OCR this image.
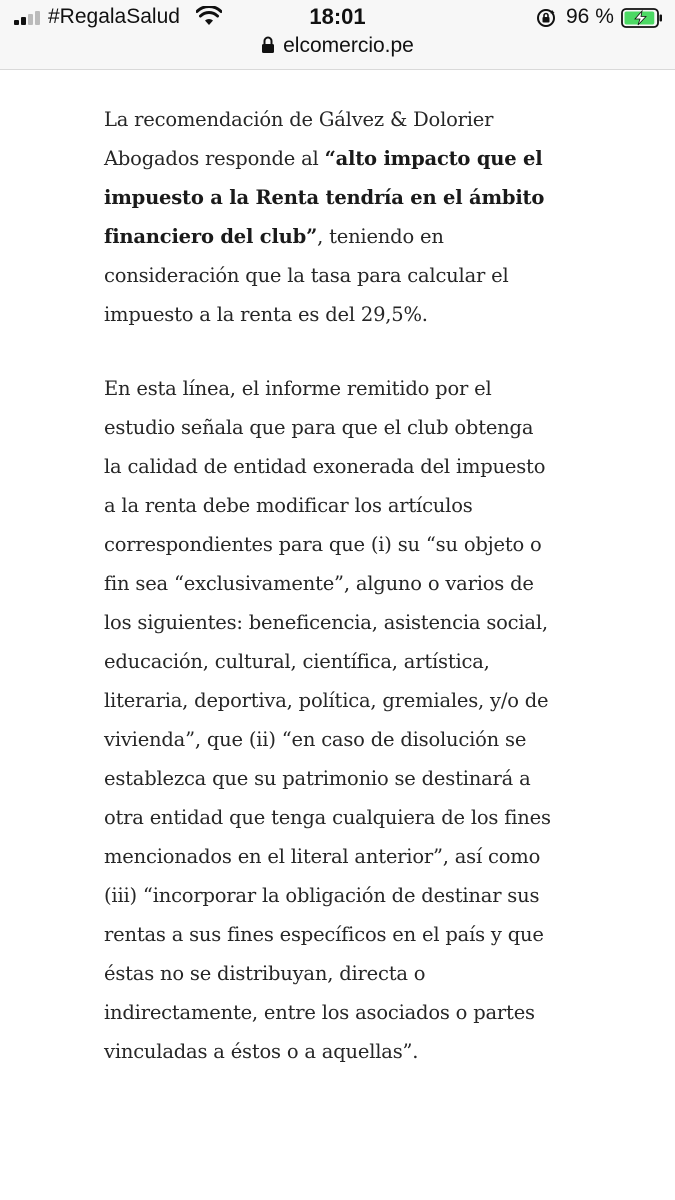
#RegalaSalud	18:01	96 %
elcomercio.pe

La recomendación de Gálvez & Dolorier Abogados responde al “alto impacto que el impuesto a la Renta tendría en el ámbito financiero del club”, teniendo en consideración que la tasa para calcular el impuesto a la renta es del 29,5%.

En esta línea, el informe remitido por el estudio señala que para que el club obtenga la calidad de entidad exonerada del impuesto a la renta debe modificar los artículos correspondientes para que (i) su “su objeto o fin sea “exclusivamente”, alguno o varios de los siguientes: beneficencia, asistencia social, educación, cultural, científica, artística, literaria, deportiva, política, gremiales, y/o de vivienda”, que (ii) “en caso de disolución se establezca que su patrimonio se destinará a otra entidad que tenga cualquiera de los fines mencionados en el literal anterior”, así como (iii) “incorporar la obligación de destinar sus rentas a sus fines específicos en el país y que éstas no se distribuyan, directa o indirectamente, entre los asociados o partes vinculadas a éstos o a aquellas”.
